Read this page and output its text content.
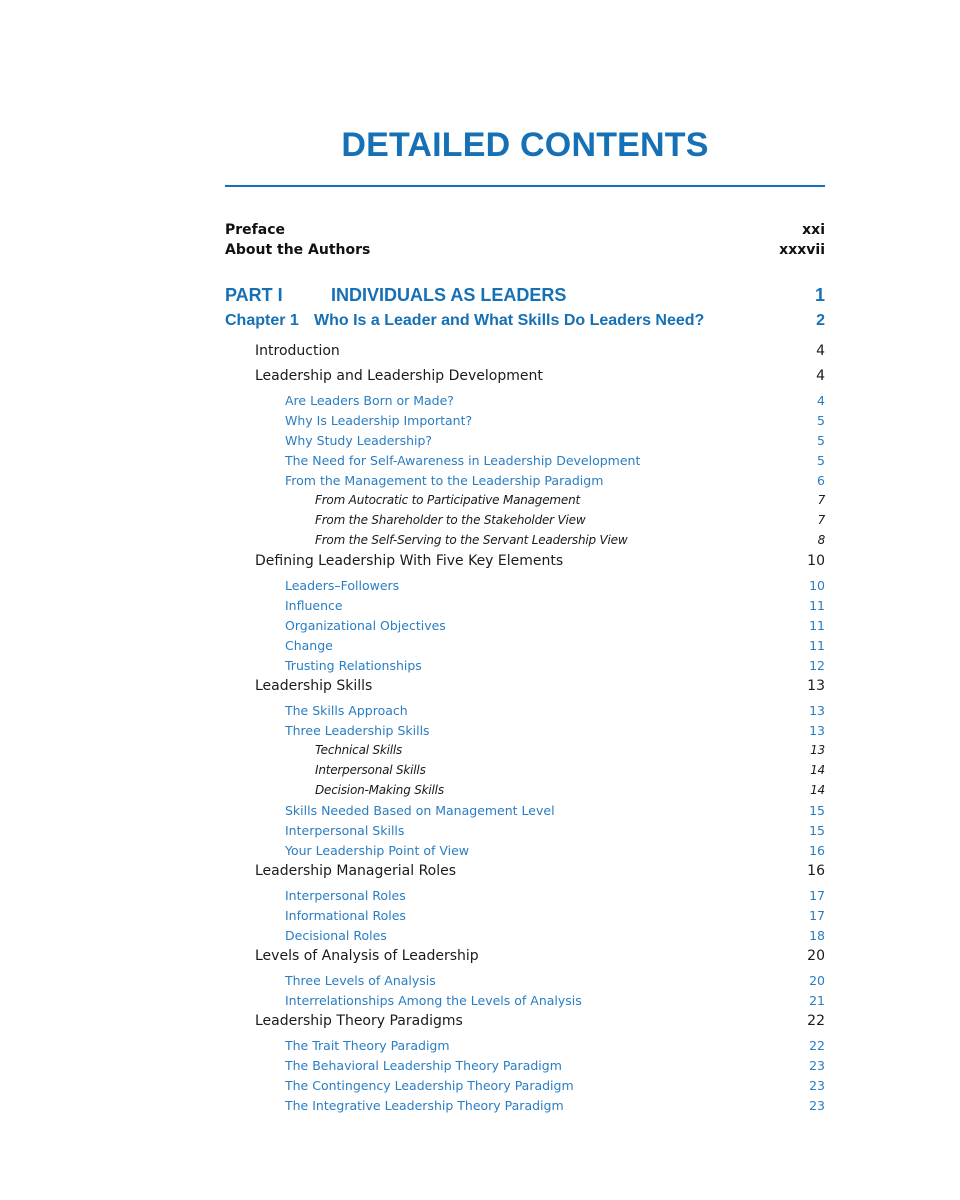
DETAILED CONTENTS
Preface	xxi
About the Authors	xxxvii
PART I	INDIVIDUALS AS LEADERS	1
Chapter 1 Who Is a Leader and What Skills Do Leaders Need?	2
Introduction	4
Leadership and Leadership Development	4
Are Leaders Born or Made?	4
Why Is Leadership Important?	5
Why Study Leadership?	5
The Need for Self-Awareness in Leadership Development	5
From the Management to the Leadership Paradigm	6
From Autocratic to Participative Management	7
From the Shareholder to the Stakeholder View	7
From the Self-Serving to the Servant Leadership View	8
Defining Leadership With Five Key Elements	10
Leaders–Followers	10
Influence	11
Organizational Objectives	11
Change	11
Trusting Relationships	12
Leadership Skills	13
The Skills Approach	13
Three Leadership Skills	13
Technical Skills	13
Interpersonal Skills	14
Decision-Making Skills	14
Skills Needed Based on Management Level	15
Interpersonal Skills	15
Your Leadership Point of View	16
Leadership Managerial Roles	16
Interpersonal Roles	17
Informational Roles	17
Decisional Roles	18
Levels of Analysis of Leadership	20
Three Levels of Analysis	20
Interrelationships Among the Levels of Analysis	21
Leadership Theory Paradigms	22
The Trait Theory Paradigm	22
The Behavioral Leadership Theory Paradigm	23
The Contingency Leadership Theory Paradigm	23
The Integrative Leadership Theory Paradigm	23
